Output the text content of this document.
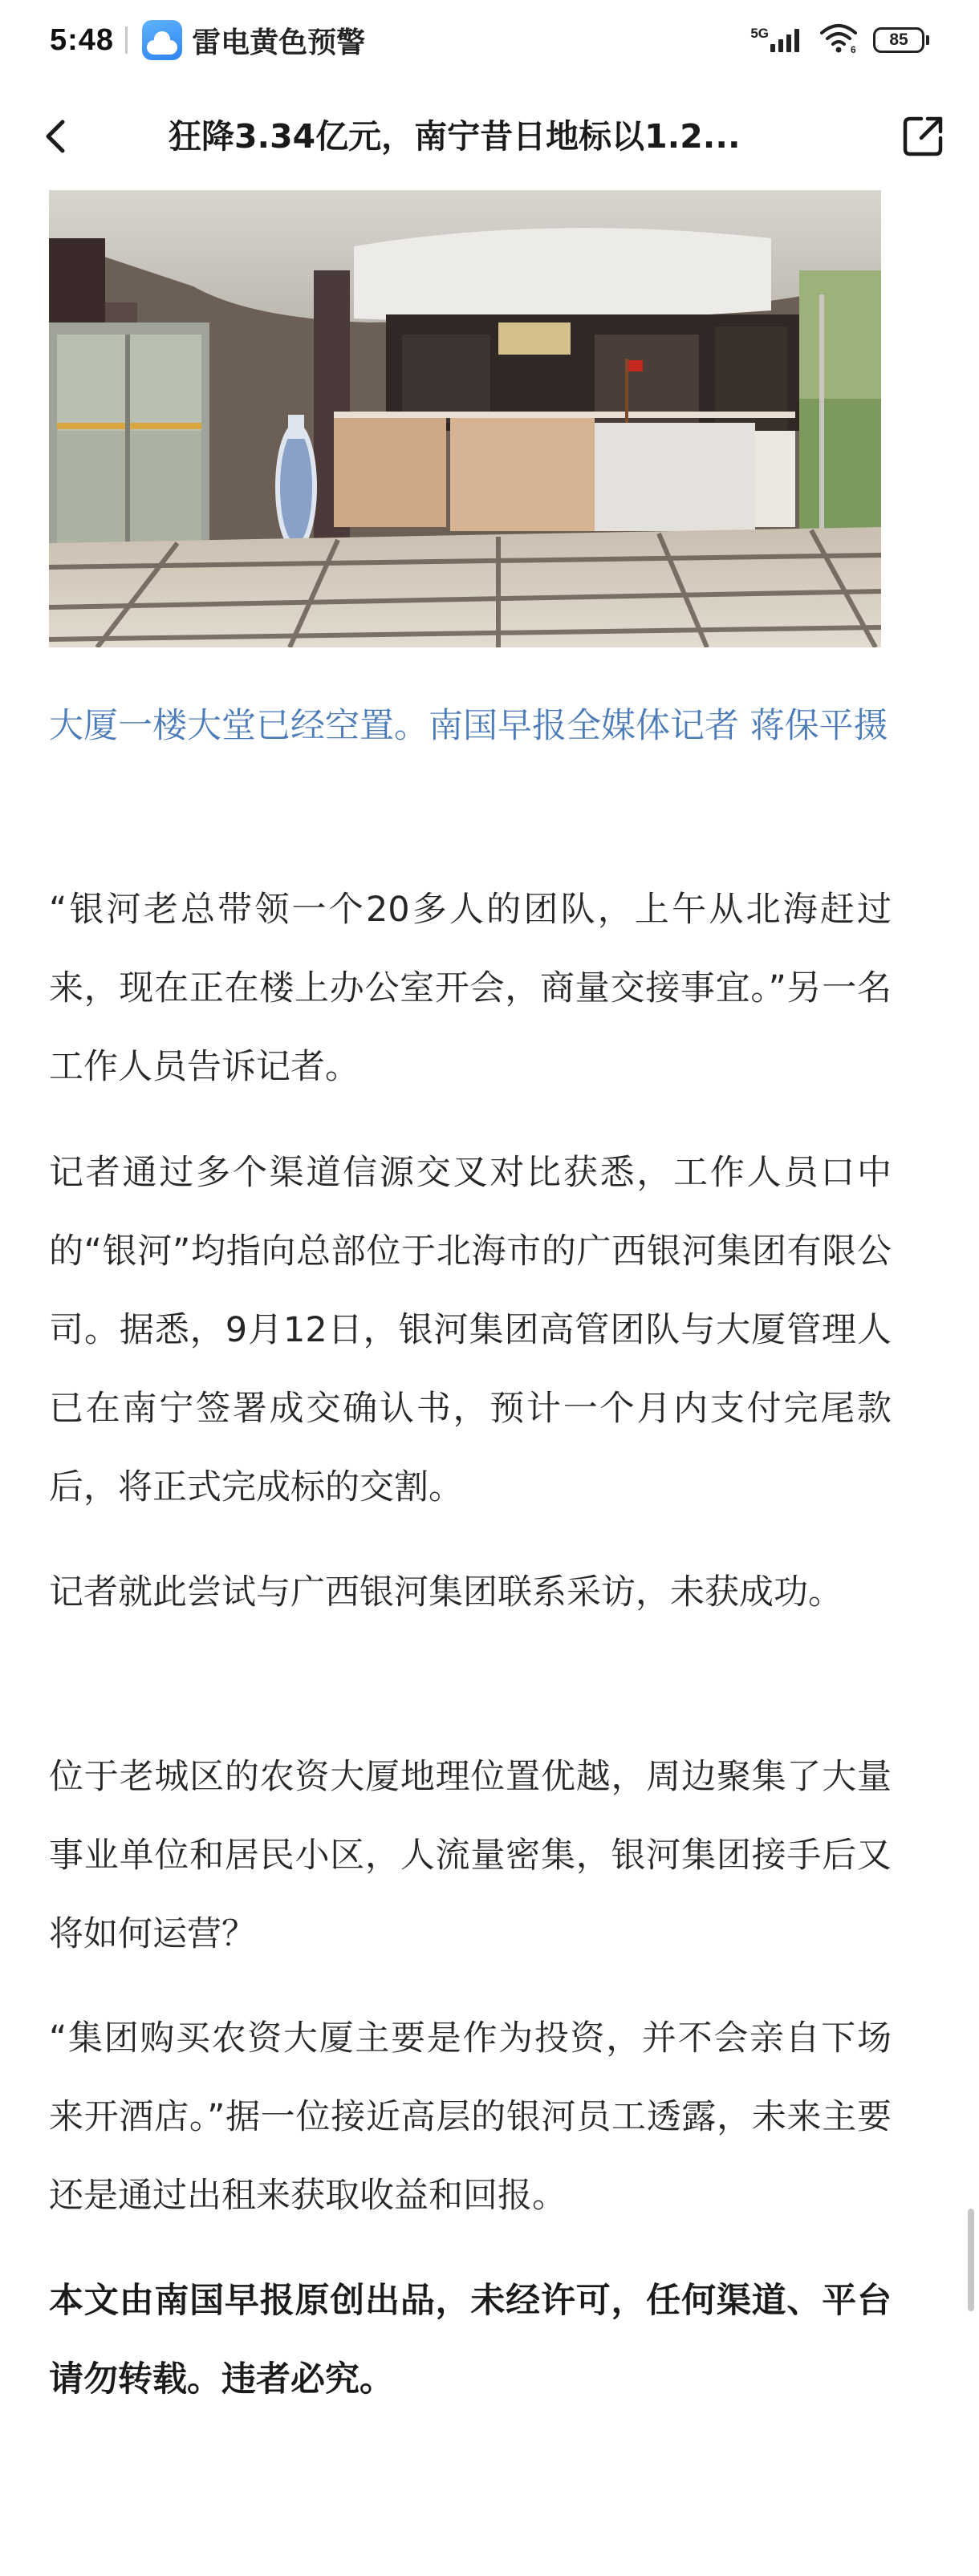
5:48	雷电黄色预警	5G
6
85
狂降3.34亿元，南宁昔日地标以1.2...

大厦一楼大堂已经空置。南国早报全媒体记者 蒋保平摄

“银河老总带领一个20多人的团队，上午从北海赶过来，现在正在楼上办公室开会，商量交接事宜。”另一名工作人员告诉记者。

记者通过多个渠道信源交叉对比获悉，工作人员口中的“银河”均指向总部位于北海市的广西银河集团有限公司。据悉，9月12日，银河集团高管团队与大厦管理人已在南宁签署成交确认书，预计一个月内支付完尾款后，将正式完成标的交割。

记者就此尝试与广西银河集团联系采访，未获成功。

位于老城区的农资大厦地理位置优越，周边聚集了大量事业单位和居民小区，人流量密集，银河集团接手后又将如何运营？

“集团购买农资大厦主要是作为投资，并不会亲自下场来开酒店。”据一位接近高层的银河员工透露，未来主要还是通过出租来获取收益和回报。

本文由南国早报原创出品，未经许可，任何渠道、平台请勿转载。违者必究。
